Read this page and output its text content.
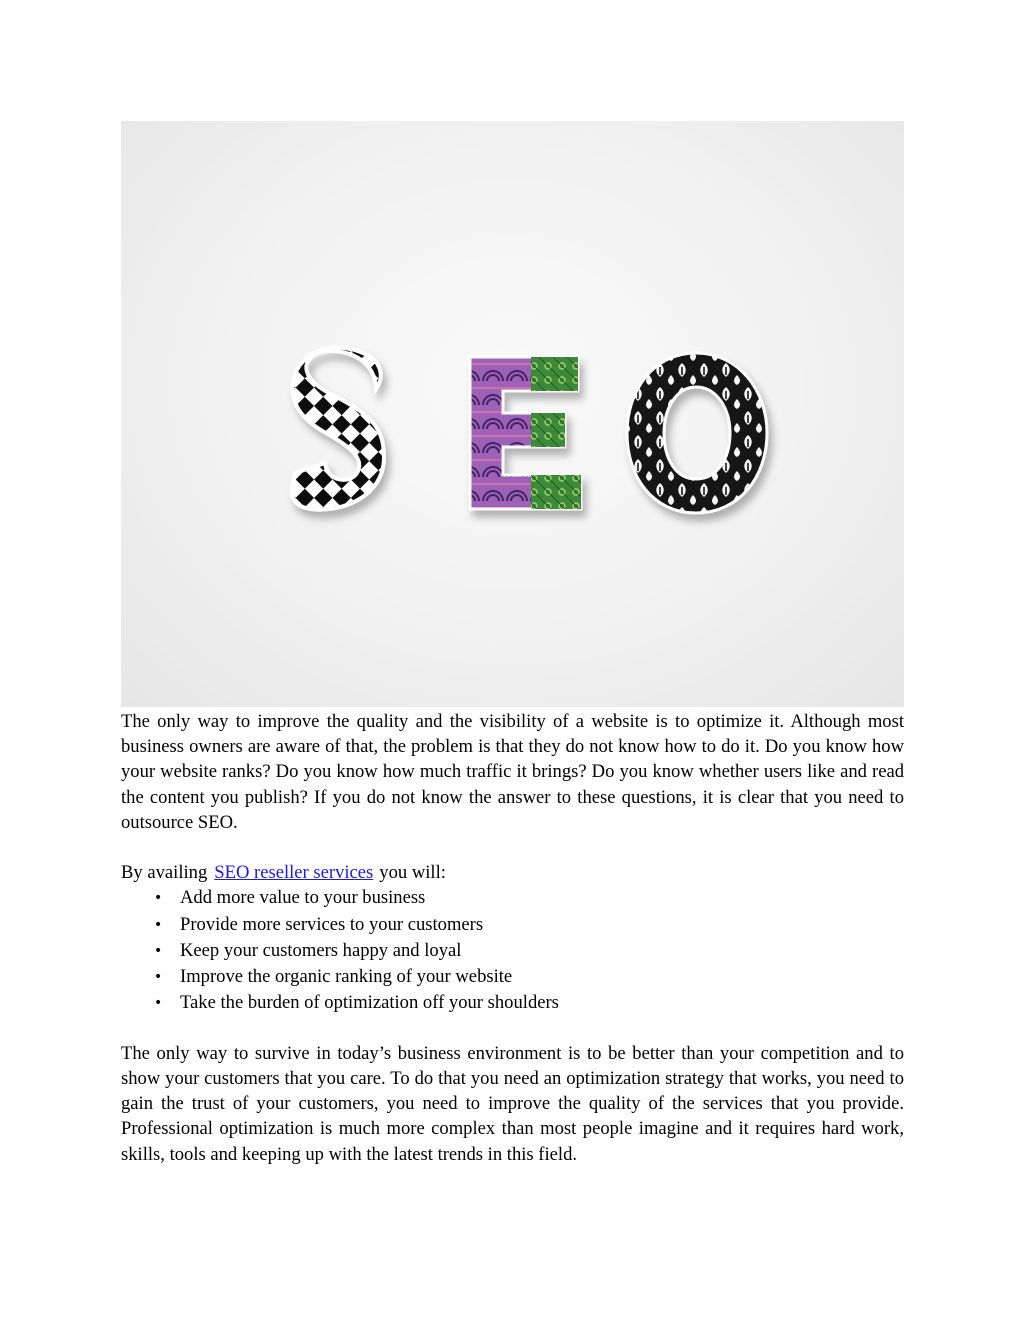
The only way to improve the quality and the visibility of a website is to optimize it. Although most business owners are aware of that, the problem is that they do not know how to do it. Do you know how your website ranks? Do you know how much traffic it brings? Do you know whether users like and read the content you publish? If you do not know the answer to these questions, it is clear that you need to outsource SEO.

By availing SEO reseller services you will:

• Add more value to your business
• Provide more services to your customers
• Keep your customers happy and loyal
• Improve the organic ranking of your website
• Take the burden of optimization off your shoulders

The only way to survive in today’s business environment is to be better than your competition and to show your customers that you care. To do that you need an optimization strategy that works, you need to gain the trust of your customers, you need to improve the quality of the services that you provide. Professional optimization is much more complex than most people imagine and it requires hard work, skills, tools and keeping up with the latest trends in this field.
